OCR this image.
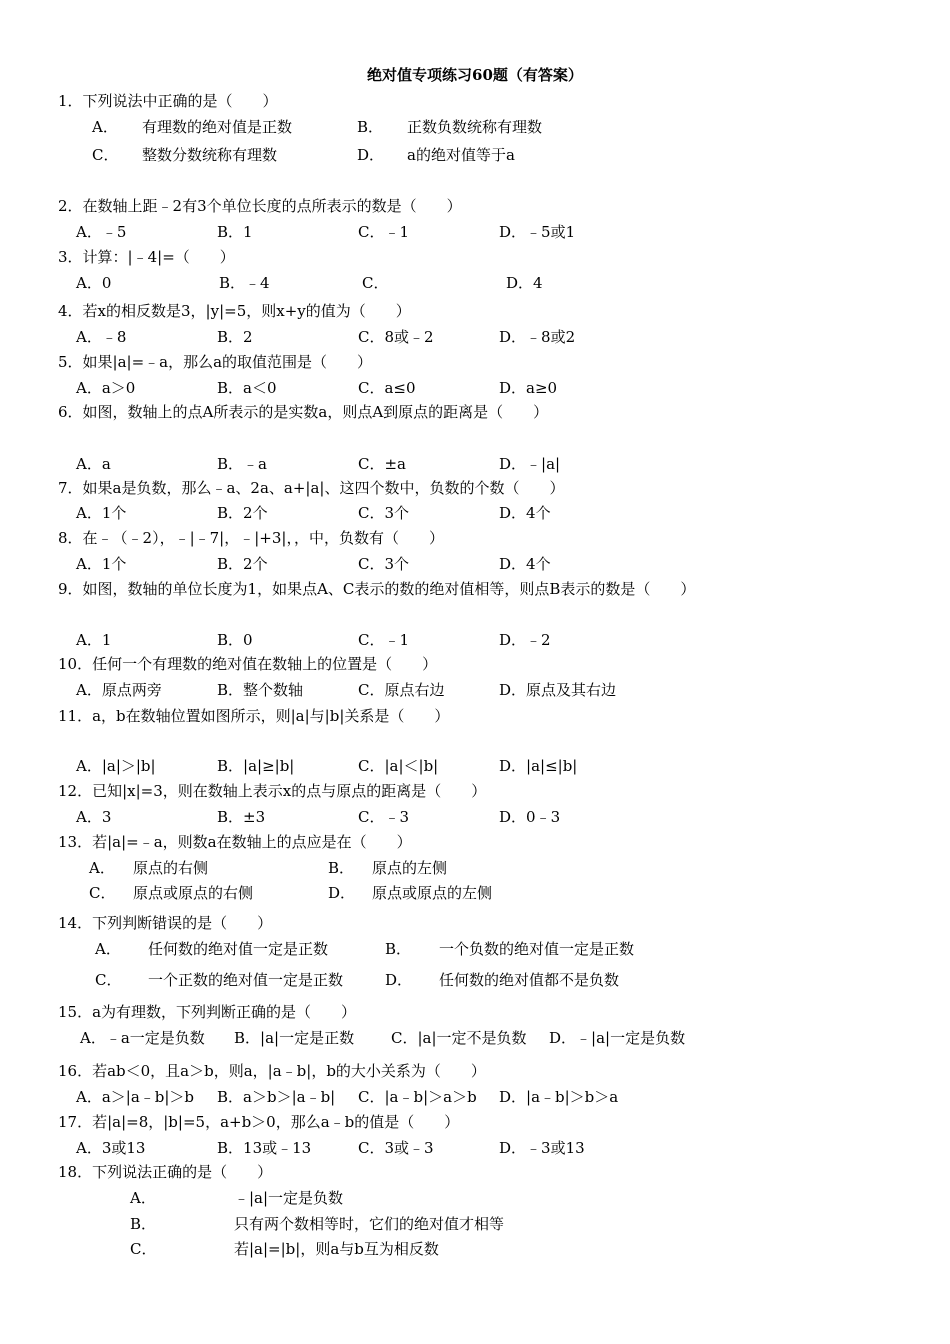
绝对值专项练习60题（有答案）
1．下列说法中正确的是（　　）
A． 有理数的绝对值是正数	B． 正数负数统称有理数
C． 整数分数统称有理数	D． a的绝对值等于a
2．在数轴上距﹣2有3个单位长度的点所表示的数是（　　）
A．﹣5	B．1	C．﹣1	D．﹣5或1
3．计算：|﹣4|=（　　）
A．0	B．﹣4	C．	D．4
4．若x的相反数是3，|y|=5，则x+y的值为（　　）
A．﹣8	B．2	C．8或﹣2	D．﹣8或2
5．如果|a|=﹣a，那么a的取值范围是（　　）
A．a＞0	B．a＜0	C．a≤0	D．a≥0
6．如图，数轴上的点A所表示的是实数a，则点A到原点的距离是（　　）
A．a	B．﹣a	C．±a	D．﹣|a|
7．如果a是负数，那么﹣a、2a、a+|a|、这四个数中，负数的个数（　　）
A．1个	B．2个	C．3个	D．4个
8．在﹣（﹣2），﹣|﹣7|，﹣|+3|，，中，负数有（　　）
A．1个	B．2个	C．3个	D．4个
9．如图，数轴的单位长度为1，如果点A、C表示的数的绝对值相等，则点B表示的数是（　　）
A．1	B．0	C．﹣1	D．﹣2
10．任何一个有理数的绝对值在数轴上的位置是（　　）
A．原点两旁	B．整个数轴	C．原点右边	D．原点及其右边
11．a，b在数轴位置如图所示，则|a|与|b|关系是（　　）
A．|a|＞|b|	B．|a|≥|b|	C．|a|＜|b|	D．|a|≤|b|
12．已知|x|=3，则在数轴上表示x的点与原点的距离是（　　）
A．3	B．±3	C．﹣3	D．0﹣3
13．若|a|=﹣a，则数a在数轴上的点应是在（　　）
A． 原点的右侧	B． 原点的左侧
C． 原点或原点的右侧	D． 原点或原点的左侧
14．下列判断错误的是（　　）
A． 任何数的绝对值一定是正数	B． 一个负数的绝对值一定是正数
C． 一个正数的绝对值一定是正数	D． 任何数的绝对值都不是负数
15．a为有理数，下列判断正确的是（　　）
A．﹣a一定是负数 B．|a|一定是正数 C．|a|一定不是负数 D．﹣|a|一定是负数
16．若ab＜0，且a＞b，则a，|a﹣b|，b的大小关系为（　　）
A．a＞|a﹣b|＞b B．a＞b＞|a﹣b| C．|a﹣b|＞a＞b D．|a﹣b|＞b＞a
17．若|a|=8，|b|=5，a+b＞0，那么a﹣b的值是（　　）
A．3或13	B．13或﹣13	C．3或﹣3	D．﹣3或13
18．下列说法正确的是（　　）
A．	﹣|a|一定是负数
B．	只有两个数相等时，它们的绝对值才相等
C．	若|a|=|b|，则a与b互为相反数
